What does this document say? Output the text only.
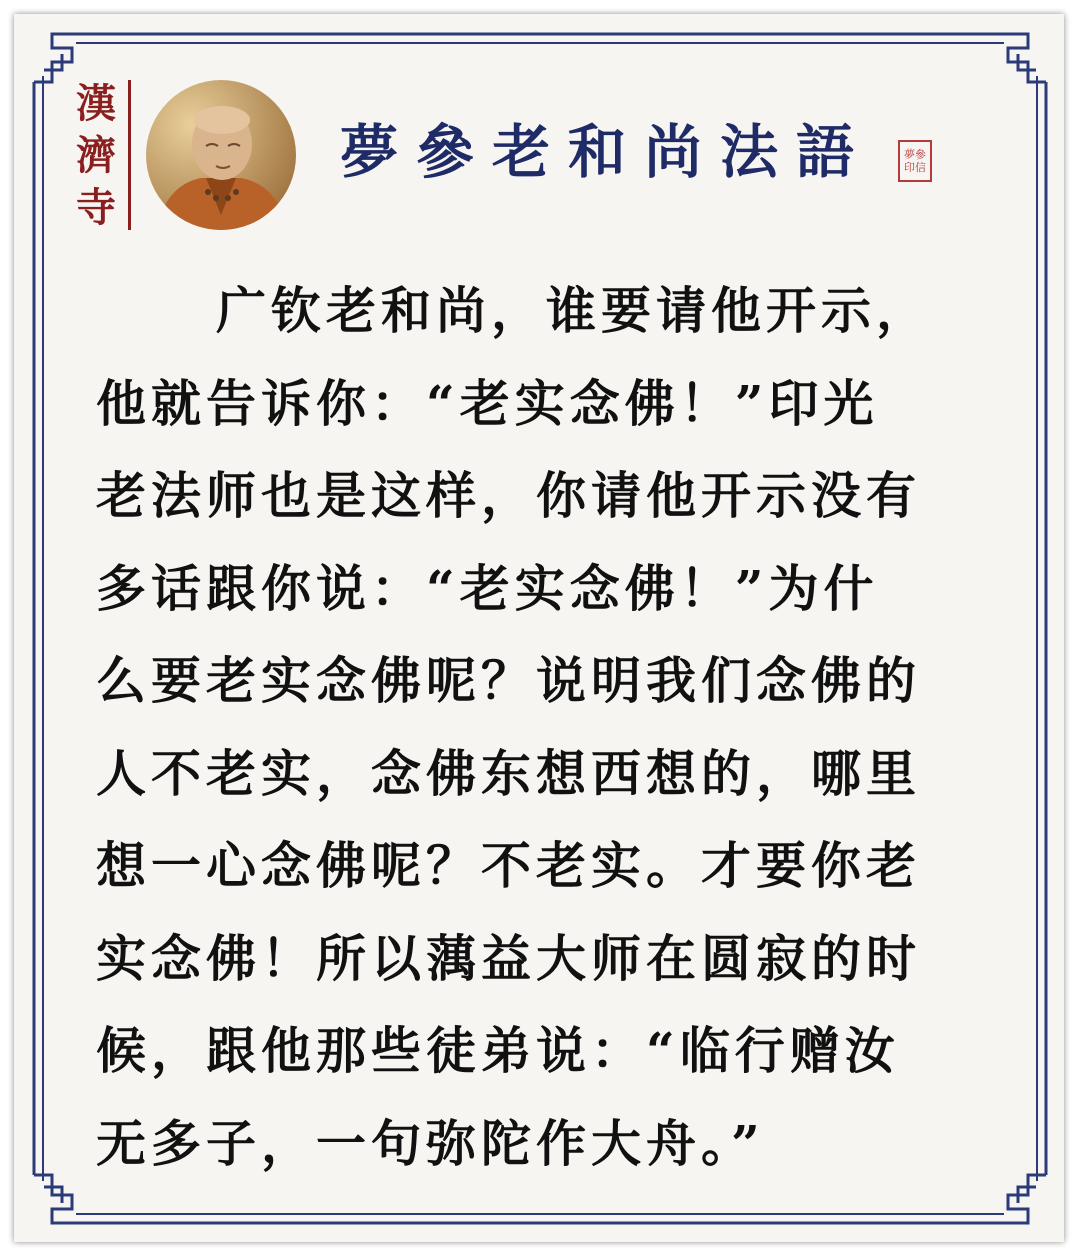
漢
濟
寺
夢參老和尚法語	夢 參
印 信
广钦老和尚，谁要请他开示，
他就告诉你：“老实念佛！”印光
老法师也是这样，你请他开示没有
多话跟你说：“老实念佛！”为什
么要老实念佛呢？说明我们念佛的
人不老实，念佛东想西想的，哪里
想一心念佛呢？不老实。才要你老
实念佛！所以蕅益大师在圆寂的时
候，跟他那些徒弟说：“临行赠汝
无多子，一句弥陀作大舟。”
